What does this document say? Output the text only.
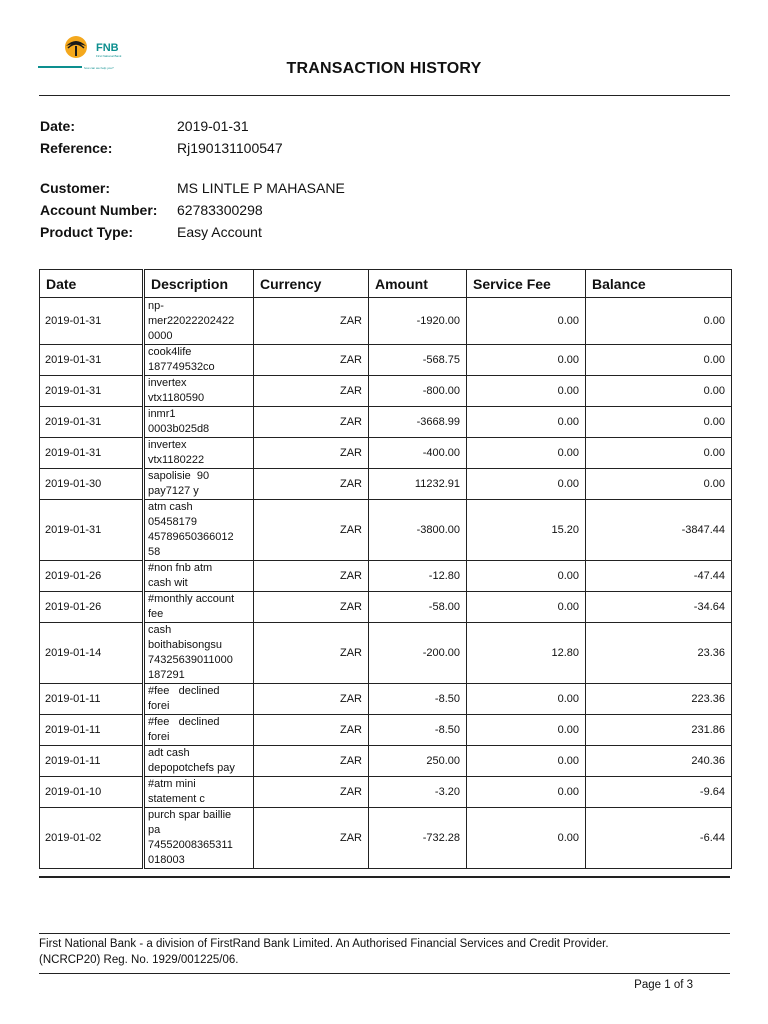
FNB
First National Bank
how can we help you?	TRANSACTION HISTORY
Date:	2019-01-31
Reference:	Rj190131100547
Customer:	MS LINTLE P MAHASANE
Account Number: 62783300298
Product Type:	Easy Account
Date	Description	Currency	Amount	Service Fee	Balance
2019-01-31	np-
mer22022202422
0000	ZAR	-1920.00	0.00	0.00
2019-01-31	cook4life
187749532co	ZAR	-568.75	0.00	0.00
2019-01-31	invertex
vtx1180590	ZAR	-800.00	0.00	0.00
2019-01-31	inmr1
0003b025d8	ZAR	-3668.99	0.00	0.00
2019-01-31	invertex
vtx1180222	ZAR	-400.00	0.00	0.00
2019-01-30	sapolisie  90
pay7127 y	ZAR	11232.91	0.00	0.00
2019-01-31	atm cash
05458179
45789650366012
58	ZAR	-3800.00	15.20	-3847.44
2019-01-26	#non fnb atm
cash wit	ZAR	-12.80	0.00	-47.44
2019-01-26	#monthly account
fee	ZAR	-58.00	0.00	-34.64
2019-01-14	cash
boithabisongsu
74325639011000
187291	ZAR	-200.00	12.80	23.36
2019-01-11	#fee   declined
forei	ZAR	-8.50	0.00	223.36
2019-01-11	#fee   declined
forei	ZAR	-8.50	0.00	231.86
2019-01-11	adt cash
depopotchefs pay	ZAR	250.00	0.00	240.36
2019-01-10	#atm mini
statement c	ZAR	-3.20	0.00	-9.64
2019-01-02	purch spar baillie
pa
74552008365311
018003	ZAR	-732.28	0.00	-6.44
First National Bank - a division of FirstRand Bank Limited. An Authorised Financial Services and Credit Provider.
(NCRCP20) Reg. No. 1929/001225/06.
Page 1 of 3
